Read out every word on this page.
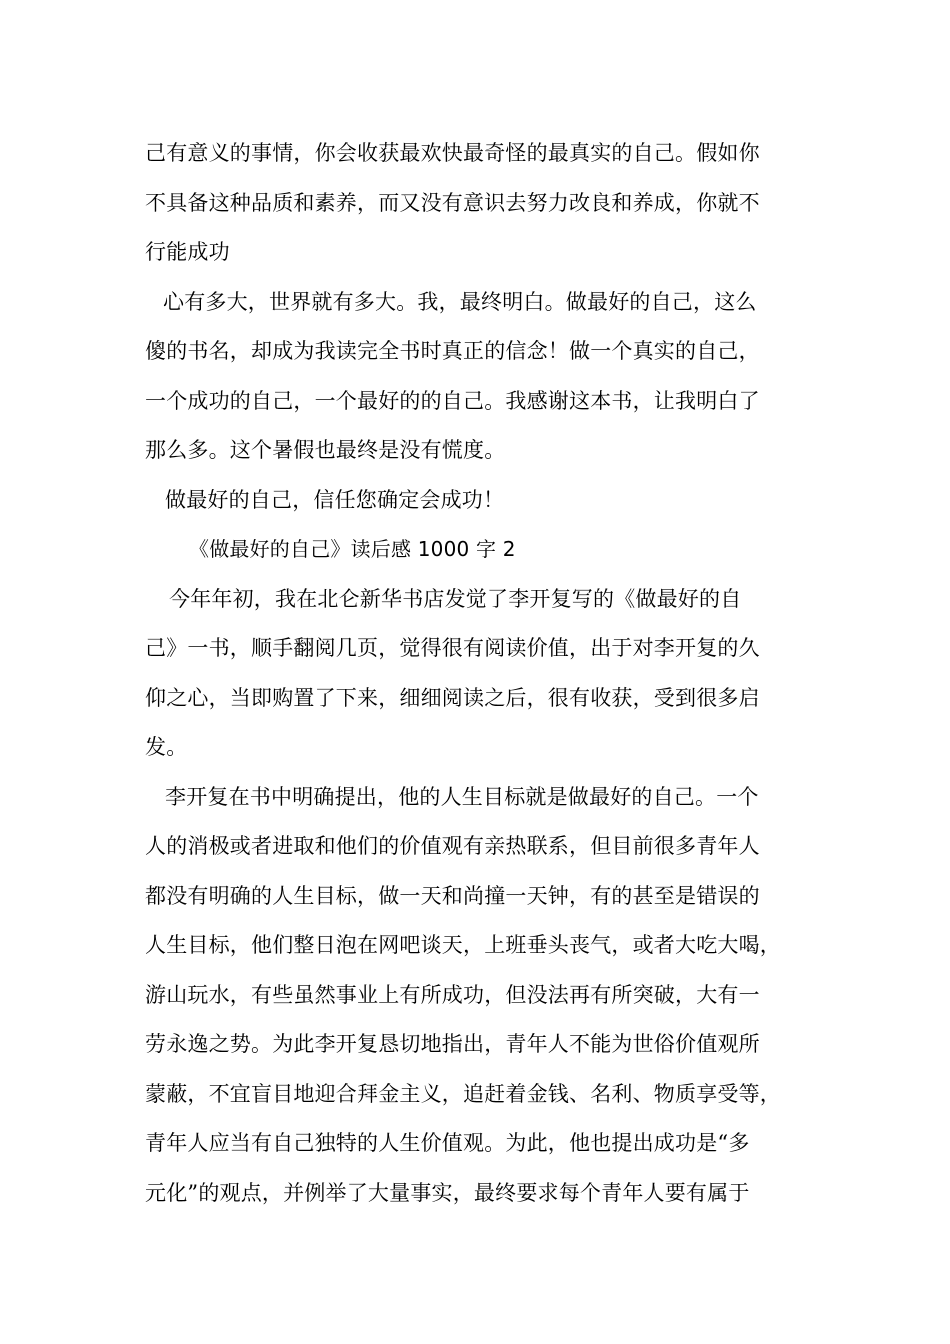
己有意义的事情，你会收获最欢快最奇怪的最真实的自己。假如你
不具备这种品质和素养，而又没有意识去努力改良和养成，你就不
行能成功
心有多大，世界就有多大。我，最终明白。做最好的自己，这么
傻的书名，却成为我读完全书时真正的信念！做一个真实的自己，
一个成功的自己，一个最好的的自己。我感谢这本书，让我明白了
那么多。这个暑假也最终是没有慌度。
做最好的自己，信任您确定会成功！
《做最好的自己》读后感 1000 字 2
今年年初，我在北仑新华书店发觉了李开复写的《做最好的自
己》一书，顺手翻阅几页，觉得很有阅读价值，出于对李开复的久
仰之心，当即购置了下来，细细阅读之后，很有收获，受到很多启
发。
李开复在书中明确提出，他的人生目标就是做最好的自己。一个
人的消极或者进取和他们的价值观有亲热联系，但目前很多青年人
都没有明确的人生目标，做一天和尚撞一天钟，有的甚至是错误的
人生目标，他们整日泡在网吧谈天，上班垂头丧气，或者大吃大喝，
游山玩水，有些虽然事业上有所成功，但没法再有所突破，大有一
劳永逸之势。为此李开复恳切地指出，青年人不能为世俗价值观所
蒙蔽，不宜盲目地迎合拜金主义，追赶着金钱、名利、物质享受等，
青年人应当有自己独特的人生价值观。为此，他也提出成功是“多
元化”的观点，并例举了大量事实，最终要求每个青年人要有属于
